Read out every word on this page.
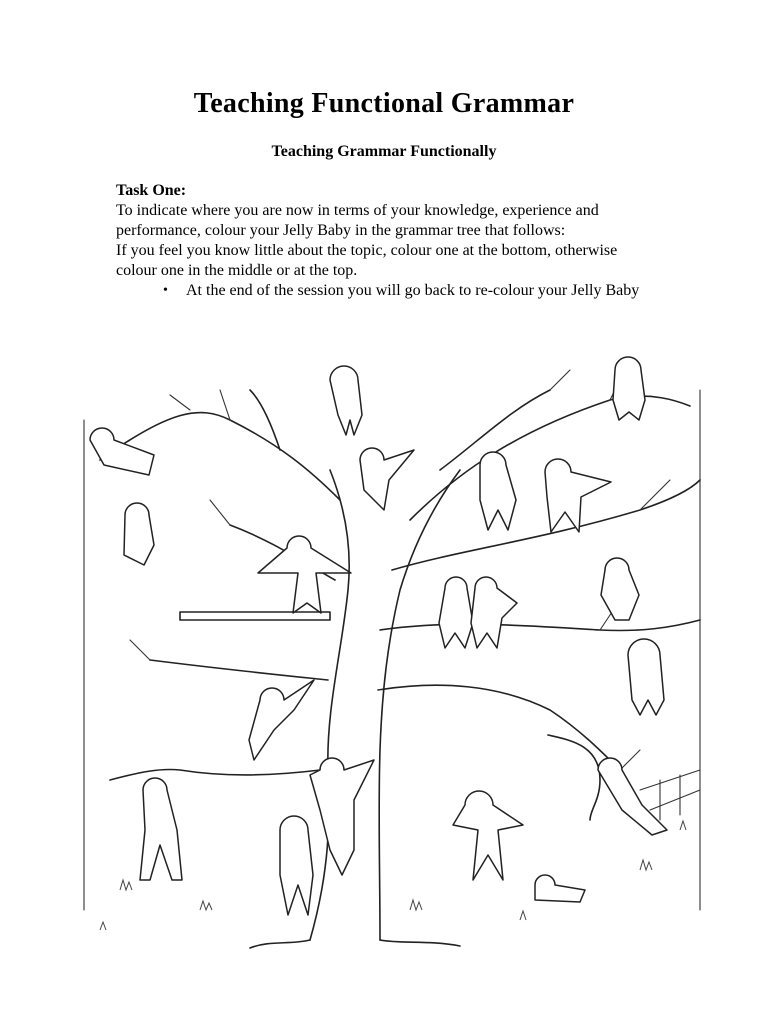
Teaching Functional Grammar
Teaching Grammar Functionally

Task One:

To indicate where you are now in terms of your knowledge, experience and performance, colour your Jelly Baby in the grammar tree that follows:

If you feel you know little about the topic, colour one at the bottom, otherwise colour one in the middle or at the top.

• At the end of the session you will go back to re-colour your Jelly Baby
